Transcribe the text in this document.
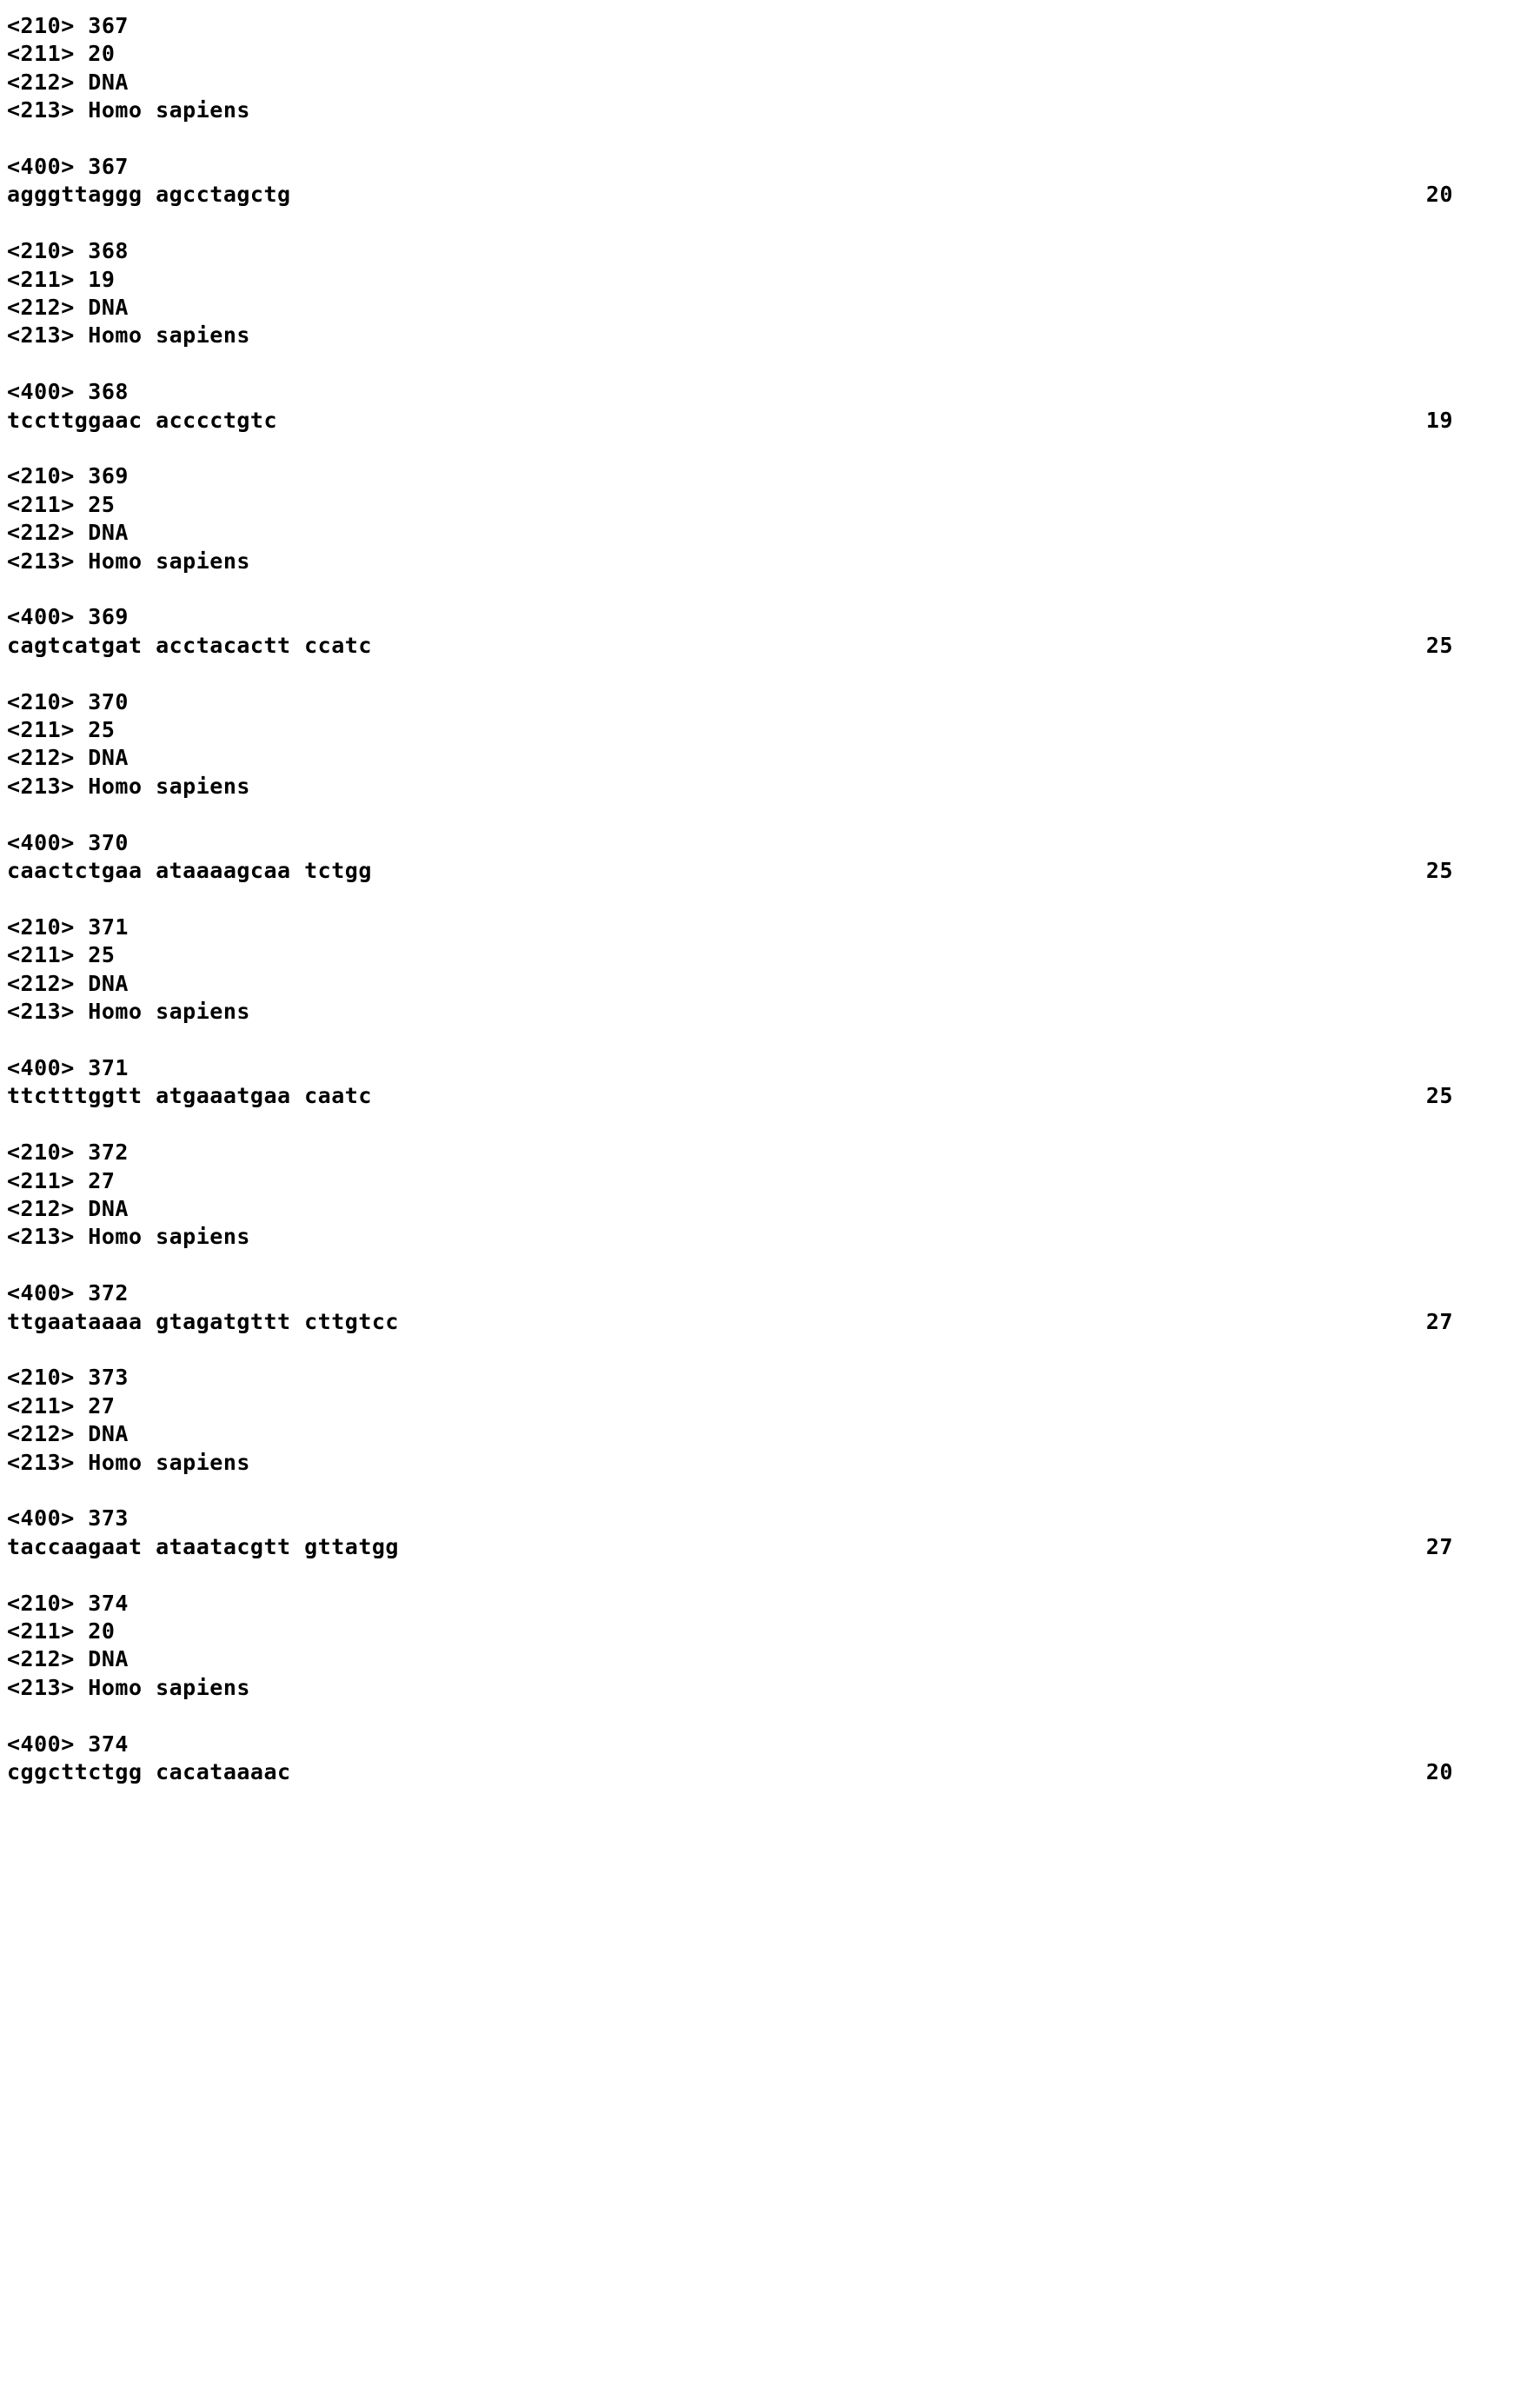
<210> 367
<211> 20
<212> DNA
<213> Homo sapiens
<400> 367
agggttaggg agcctagctg	20
<210> 368
<211> 19
<212> DNA
<213> Homo sapiens
<400> 368
tccttggaac acccctgtc	19
<210> 369
<211> 25
<212> DNA
<213> Homo sapiens
<400> 369
cagtcatgat acctacactt ccatc	25
<210> 370
<211> 25
<212> DNA
<213> Homo sapiens
<400> 370
caactctgaa ataaaagcaa tctgg	25
<210> 371
<211> 25
<212> DNA
<213> Homo sapiens
<400> 371
ttctttggtt atgaaatgaa caatc	25
<210> 372
<211> 27
<212> DNA
<213> Homo sapiens
<400> 372
ttgaataaaa gtagatgttt cttgtcc	27
<210> 373
<211> 27
<212> DNA
<213> Homo sapiens
<400> 373
taccaagaat ataatacgtt gttatgg	27
<210> 374
<211> 20
<212> DNA
<213> Homo sapiens
<400> 374
cggcttctgg cacataaaac	20
